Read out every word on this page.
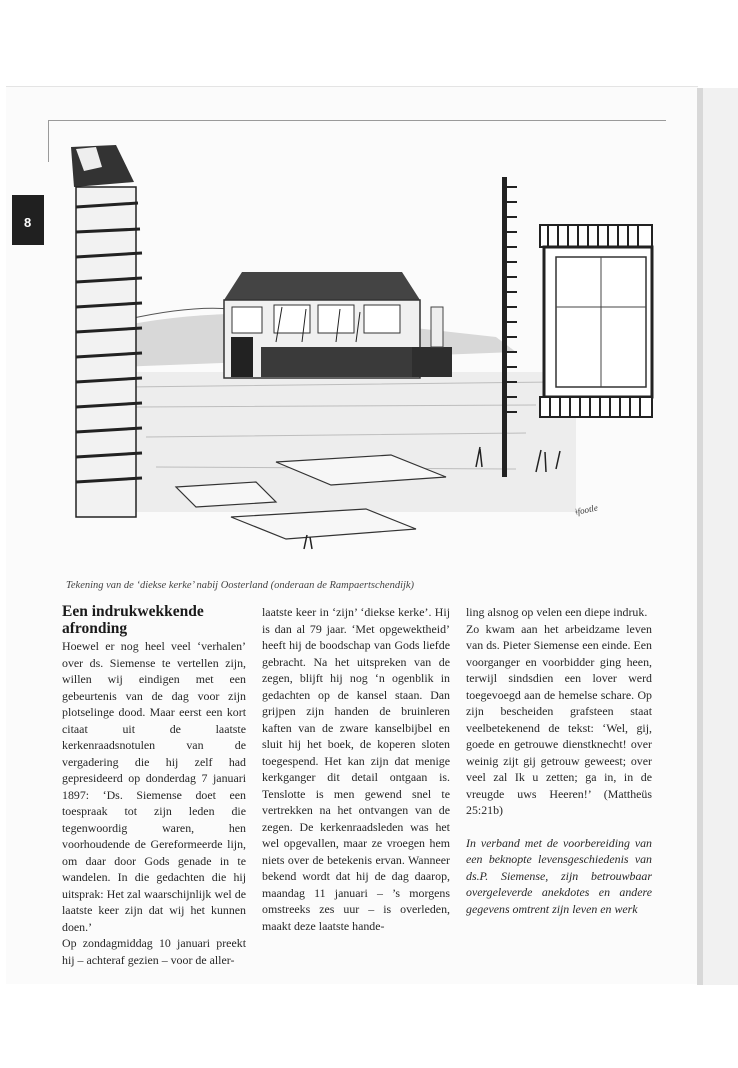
8
ǂfootle
Tekening van de ‘diekse kerke’ nabij Oosterland (onderaan de Rampaertschendijk)
Een indrukwekkende afronding

Hoewel er nog heel veel ‘verhalen’ over ds. Siemense te vertellen zijn, willen wij eindigen met een gebeurtenis van de dag voor zijn plotselinge dood. Maar eerst een kort citaat uit de laatste kerkenraadsnotulen van de vergadering die hij zelf had gepresideerd op donderdag 7 januari 1897: ‘Ds. Siemense doet een toespraak tot zijn leden die tegenwoordig waren, hen voorhoudende de Gereformeerde lijn, om daar door Gods genade in te wandelen. In die gedachten die hij uitsprak: Het zal waarschijnlijk wel de laatste keer zijn dat wij het kunnen doen.’

Op zondagmiddag 10 januari preekt hij – achteraf gezien – voor de aller-

laatste keer in ‘zijn’ ‘diekse kerke’. Hij is dan al 79 jaar. ‘Met opgewektheid’ heeft hij de boodschap van Gods liefde gebracht. Na het uitspreken van de zegen, blijft hij nog ‘n ogenblik in gedachten op de kansel staan. Dan grijpen zijn handen de bruinleren kaften van de zware kanselbijbel en sluit hij het boek, de koperen sloten toegespend. Het kan zijn dat menige kerkganger dit detail ontgaan is. Tenslotte is men gewend snel te vertrekken na het ontvangen van de zegen. De kerkenraadsleden was het wel opgevallen, maar ze vroegen hem niets over de betekenis ervan. Wanneer bekend wordt dat hij de dag daarop, maandag 11 januari – ’s morgens omstreeks zes uur – is overleden, maakt deze laatste hande-

ling alsnog op velen een diepe indruk.

Zo kwam aan het arbeidzame leven van ds. Pieter Siemense een einde. Een voorganger en voorbidder ging heen, terwijl sindsdien een lover werd toegevoegd aan de hemelse schare. Op zijn bescheiden grafsteen staat veelbetekenend de tekst: ‘Wel, gij, goede en getrouwe dienstknecht! over weinig zijt gij getrouw geweest; over veel zal Ik u zetten; ga in, in de vreugde uws Heeren!’ (Mattheüs 25:21b)

In verband met de voorbereiding van een beknopte levensgeschiedenis van ds.P. Siemense, zijn betrouwbaar overgeleverde anekdotes en andere gegevens omtrent zijn leven en werk
